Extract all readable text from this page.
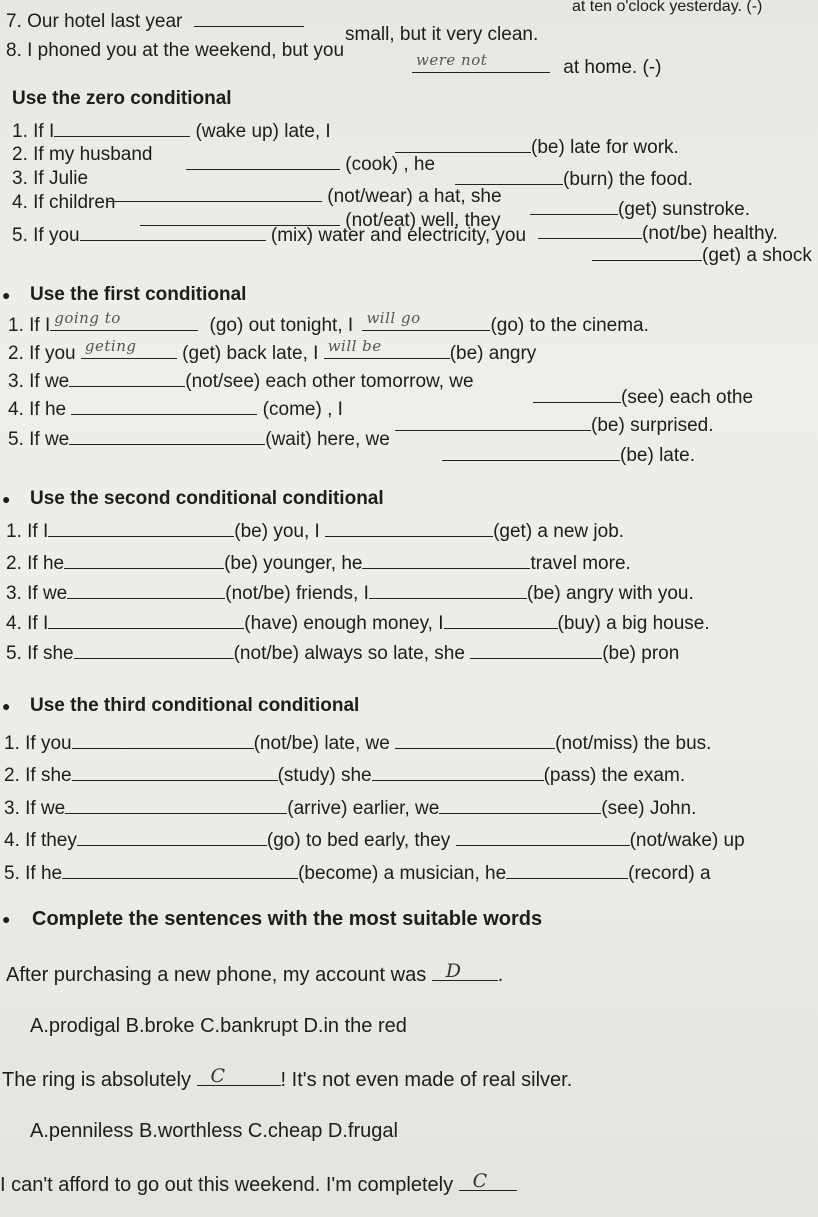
at ten o'clock yesterday. (-)
7. Our hotel last year
small, but it very clean.
8. I phoned you at the weekend, but you	were not	at home. (-)
Use the zero conditional
1. If I	(wake up) late, I
(be) late for work.
2. If my husband	(cook) , he
(burn) the food.
3. If Julie
(not/wear) a hat, she
(get) sunstroke.
4. If children
(not/eat) well, they
(not/be) healthy.
5. If you	(mix) water and electricity, you
(get) a shock
● Use the first conditional
1. If I going to	(go) out tonight, I will go	(go) to the cinema.
2. If you geting (get) back late, I will be	(be) angry
3. If we	(not/see) each other tomorrow, we
(see) each othe
4. If he	(come) , I
(be) surprised.
5. If we	(wait) here, we
(be) late.
● Use the second conditional conditional
1. If I	(be) you, I	(get) a new job.
2. If he	(be) younger, he	travel more.
3. If we	(not/be) friends, I	(be) angry with you.
4. If I	(have) enough money, I	(buy) a big house.
5. If she	(not/be) always so late, she	(be) pron
● Use the third conditional conditional
1. If you	(not/be) late, we	(not/miss) the bus.
2. If she	(study) she	(pass) the exam.
3. If we	(arrive) earlier, we	(see) John.
4. If they	(go) to bed early, they	(not/wake) up
5. If he	(become) a musician, he	(record) a
● Complete the sentences with the most suitable words
After purchasing a new phone, my account was D .
A.prodigal B.broke C.bankrupt D.in the red
The ring is absolutely C	! It's not even made of real silver.
A.penniless B.worthless C.cheap D.frugal
I can't afford to go out this weekend. I'm completely C
